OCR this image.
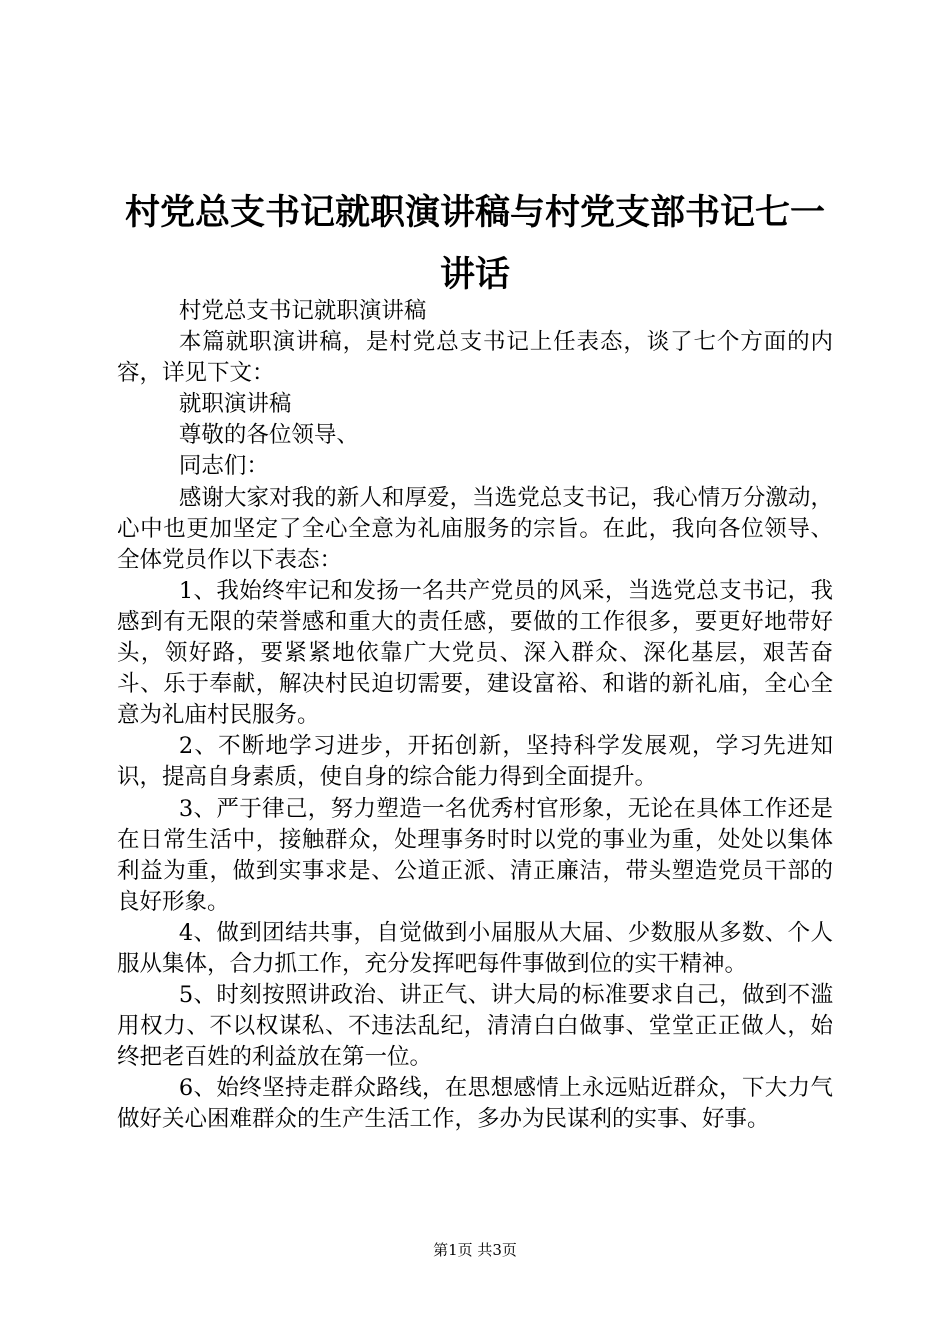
村党总支书记就职演讲稿与村党支部书记七一讲话

村党总支书记就职演讲稿

本篇就职演讲稿，是村党总支书记上任表态，谈了七个方面的内容，详见下文：

就职演讲稿

尊敬的各位领导、

同志们：

感谢大家对我的新人和厚爱，当选党总支书记，我心情万分激动，心中也更加坚定了全心全意为礼庙服务的宗旨。在此，我向各位领导、全体党员作以下表态：

1、我始终牢记和发扬一名共产党员的风采，当选党总支书记，我感到有无限的荣誉感和重大的责任感，要做的工作很多，要更好地带好头，领好路，要紧紧地依靠广大党员、深入群众、深化基层，艰苦奋斗、乐于奉献，解决村民迫切需要，建设富裕、和谐的新礼庙，全心全意为礼庙村民服务。

2、不断地学习进步，开拓创新，坚持科学发展观，学习先进知识，提高自身素质，使自身的综合能力得到全面提升。

3、严于律己，努力塑造一名优秀村官形象，无论在具体工作还是在日常生活中，接触群众，处理事务时时以党的事业为重，处处以集体利益为重，做到实事求是、公道正派、清正廉洁，带头塑造党员干部的良好形象。

4、做到团结共事，自觉做到小届服从大届、少数服从多数、个人服从集体，合力抓工作，充分发挥吧每件事做到位的实干精神。

5、时刻按照讲政治、讲正气、讲大局的标准要求自己，做到不滥用权力、不以权谋私、不违法乱纪，清清白白做事、堂堂正正做人，始终把老百姓的利益放在第一位。

6、始终坚持走群众路线，在思想感情上永远贴近群众，下大力气做好关心困难群众的生产生活工作，多办为民谋利的实事、好事。

第1页 共3页
